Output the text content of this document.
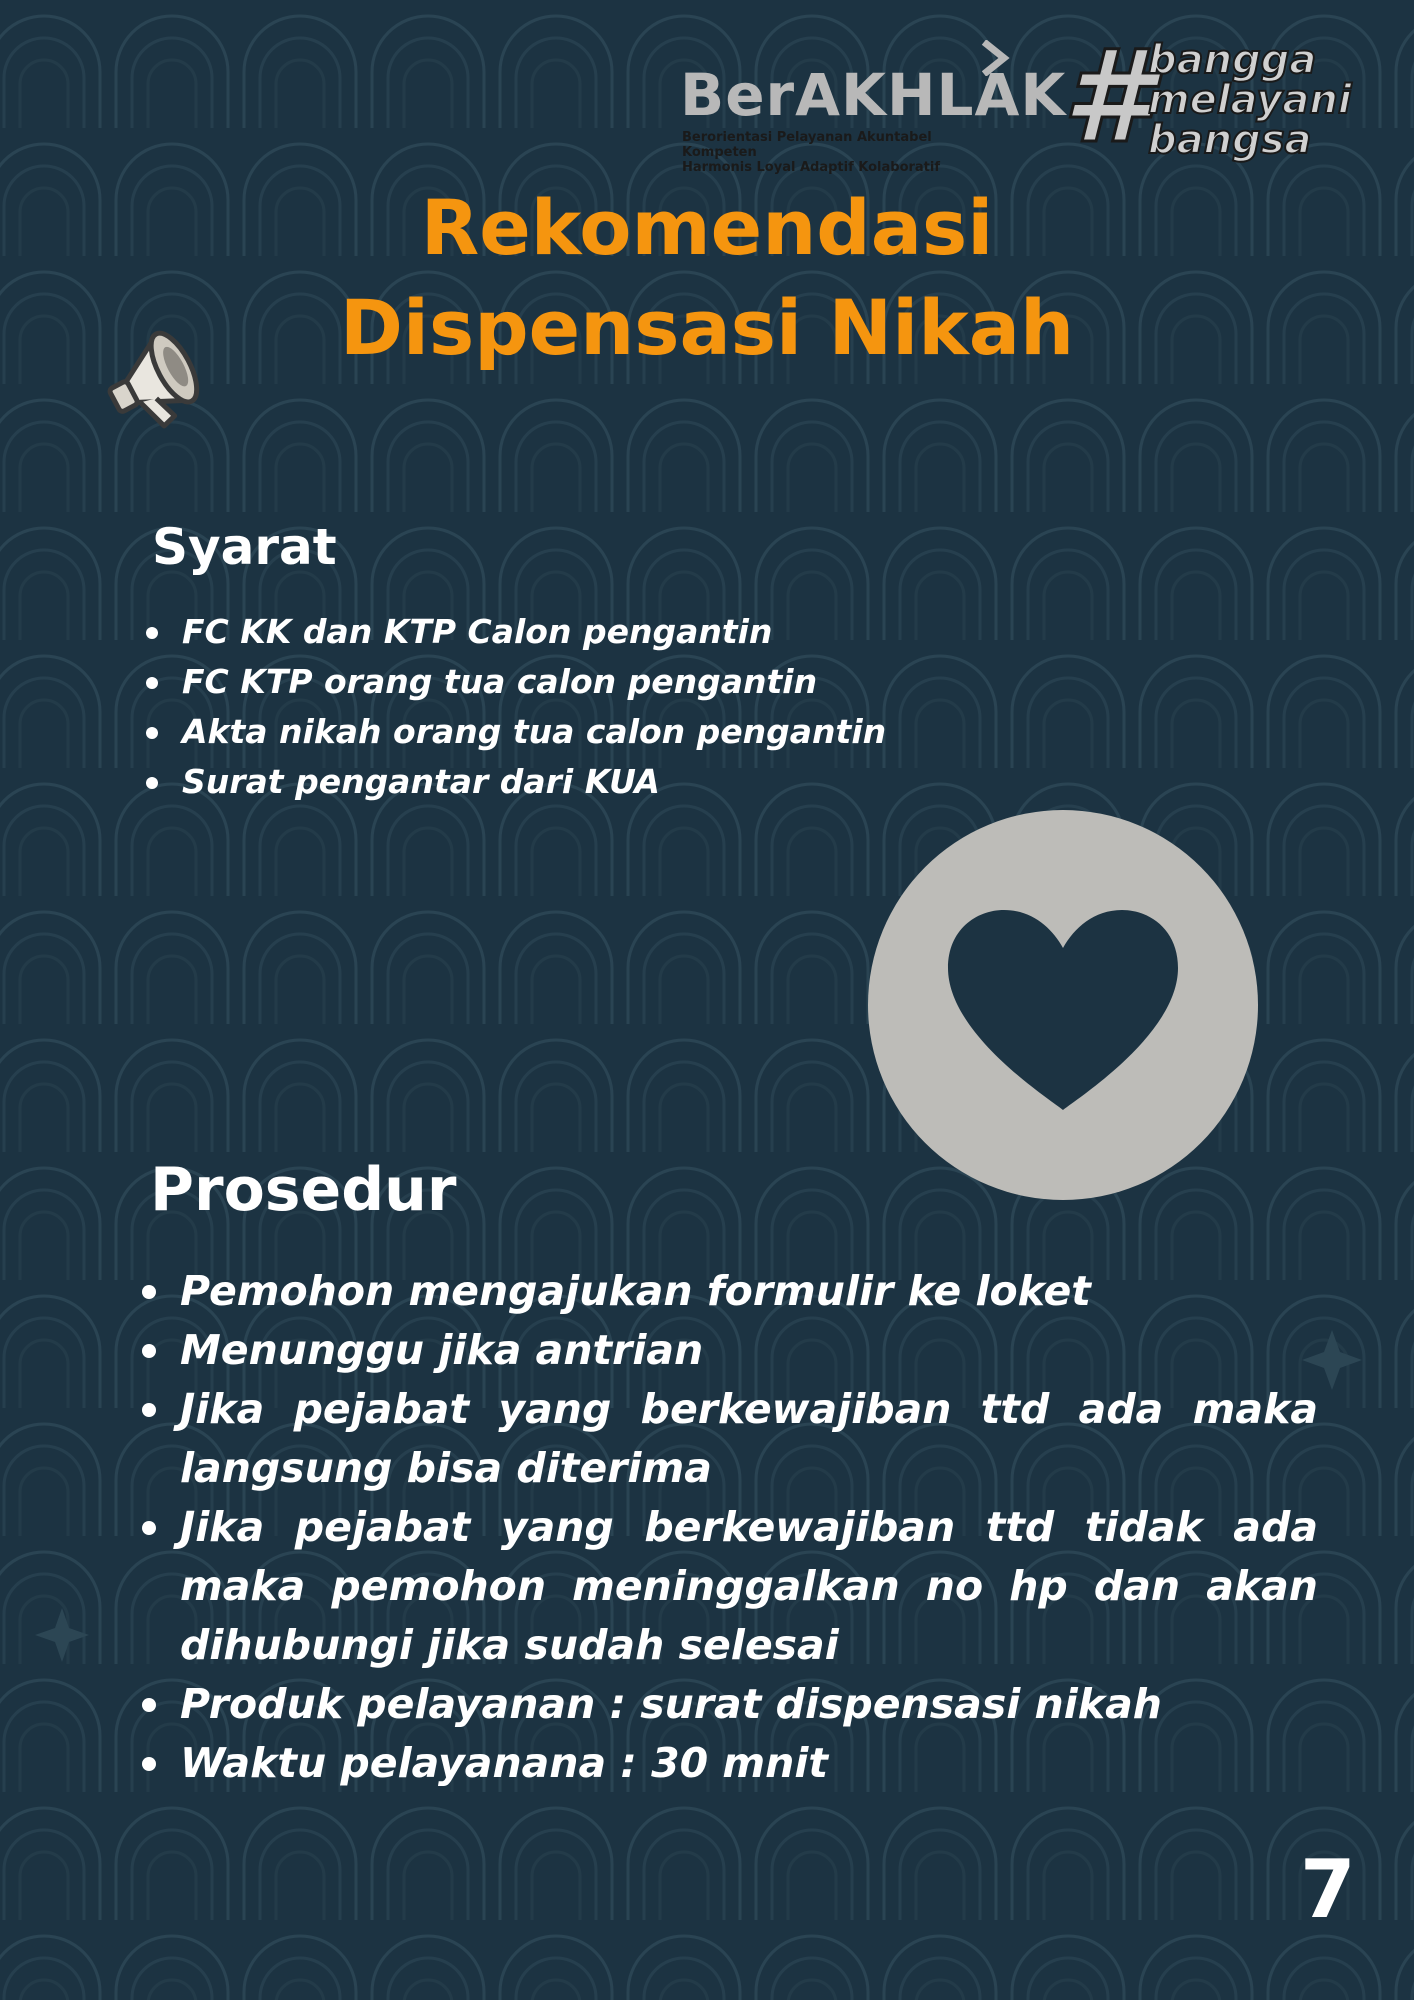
BerAKHLAK
Berorientasi Pelayanan Akuntabel Kompeten
Harmonis Loyal Adaptif Kolaboratif #
bangga
melayani
bangsa
Rekomendasi
Dispensasi Nikah
Syarat
FC KK dan KTP Calon pengantin
FC KTP orang tua calon pengantin
Akta nikah orang tua calon pengantin
Surat pengantar dari KUA
Prosedur
Pemohon mengajukan formulir ke loket
Menunggu jika antrian
Jika pejabat yang berkewajiban ttd ada maka langsung bisa diterima
Jika pejabat yang berkewajiban ttd tidak ada maka pemohon meninggalkan no hp dan akan dihubungi jika sudah selesai
Produk pelayanan : surat dispensasi nikah
Waktu pelayanana : 30 mnit
7
